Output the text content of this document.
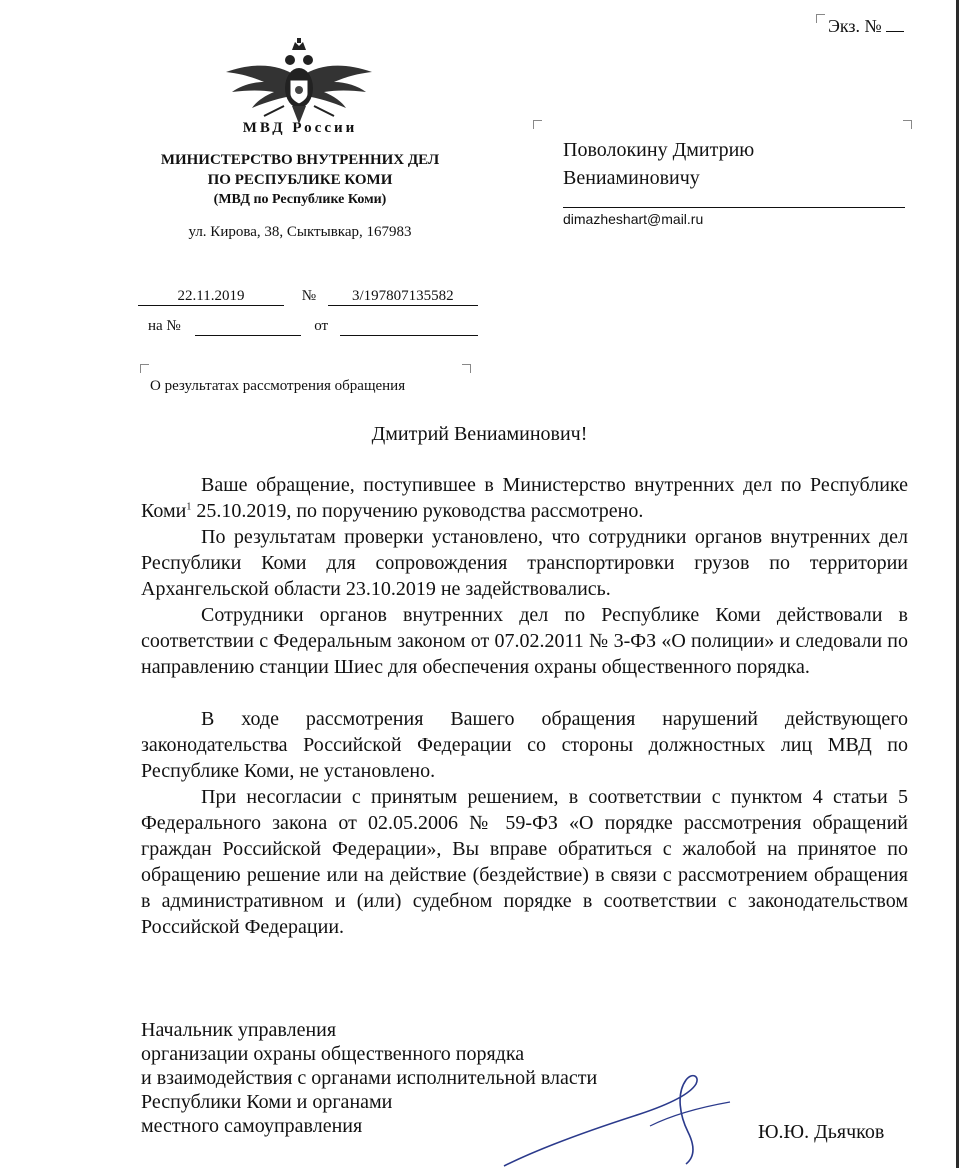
Экз. №
МВД России
МИНИСТЕРСТВО ВНУТРЕННИХ ДЕЛ
ПО РЕСПУБЛИКЕ КОМИ
(МВД по Республике Коми)
ул. Кирова, 38, Сыктывкар, 167983
22.11.2019	№ 3/197807135582
на №	от
О результатах рассмотрения обращения
Поволокину Дмитрию
Вениаминовичу
dimazheshart@mail.ru
Дмитрий Вениаминович!

Ваше обращение, поступившее в Министерство внутренних дел по Республике Коми$^1$ 25.10.2019, по поручению руководства рассмотрено.

По результатам проверки установлено, что сотрудники органов внутренних дел Республики Коми для сопровождения транспортировки грузов по территории Архангельской области 23.10.2019 не задействовались.

Сотрудники органов внутренних дел по Республике Коми действовали в соответствии с Федеральным законом от 07.02.2011 № 3-ФЗ «О полиции» и следовали по направлению станции Шиес для обеспечения охраны общественного порядка.

В ходе рассмотрения Вашего обращения нарушений действующего законодательства Российской Федерации со стороны должностных лиц МВД по Республике Коми, не установлено.

При несогласии с принятым решением, в соответствии с пунктом 4 статьи 5 Федерального закона от 02.05.2006 № 59-ФЗ «О порядке рассмотрения обращений граждан Российской Федерации», Вы вправе обратиться с жалобой на принятое по обращению решение или на действие (бездействие) в связи с рассмотрением обращения в административном и (или) судебном порядке в соответствии с законодательством Российской Федерации.

Начальник управления
организации охраны общественного порядка
и взаимодействия с органами исполнительной власти
Республики Коми и органами
местного самоуправления	Ю.Ю. Дьячков
